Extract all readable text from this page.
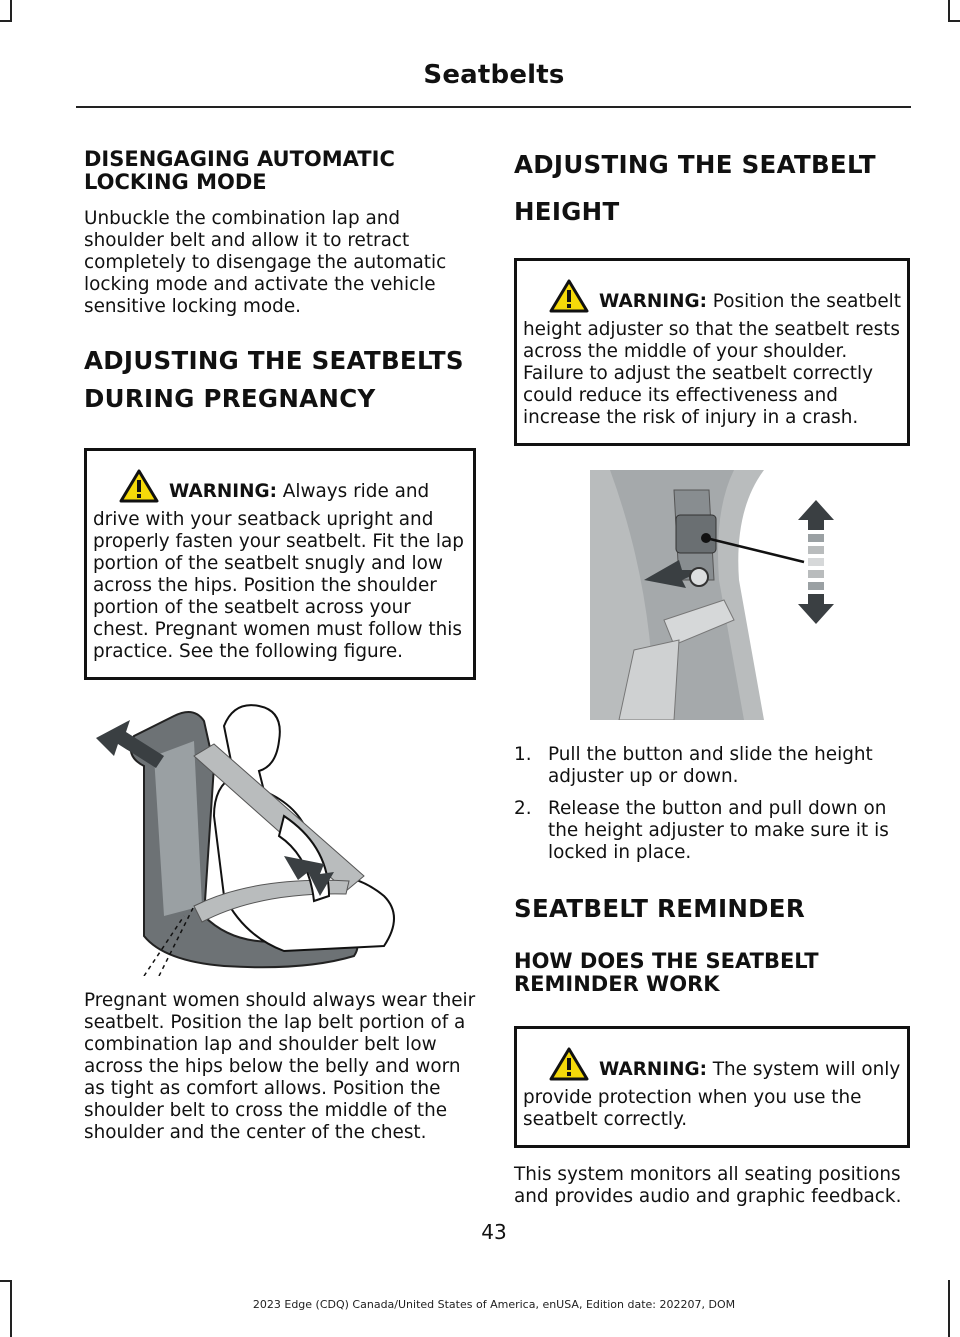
Seatbelts
DISENGAGING AUTOMATIC LOCKING MODE

Unbuckle the combination lap and shoulder belt and allow it to retract completely to disengage the automatic locking mode and activate the vehicle sensitive locking mode.

ADJUSTING THE SEATBELTS
DURING PREGNANCY
WARNING: Always ride and drive with your seatback upright and properly fasten your seatbelt. Fit the lap portion of the seatbelt snugly and low across the hips. Position the shoulder portion of the seatbelt across your chest. Pregnant women must follow this practice. See the following figure.

Pregnant women should always wear their seatbelt. Position the lap belt portion of a combination lap and shoulder belt low across the hips below the belly and worn as tight as comfort allows. Position the shoulder belt to cross the middle of the shoulder and the center of the chest.

ADJUSTING THE SEATBELT
HEIGHT
WARNING: Position the seatbelt height adjuster so that the seatbelt rests across the middle of your shoulder. Failure to adjust the seatbelt correctly could reduce its effectiveness and increase the risk of injury in a crash.
1. Pull the button and slide the height adjuster up or down.
2. Release the button and pull down on the height adjuster to make sure it is locked in place.
SEATBELT REMINDER
HOW DOES THE SEATBELT REMINDER WORK
WARNING: The system will only provide protection when you use the seatbelt correctly.

This system monitors all seating positions and provides audio and graphic feedback.

43
2023 Edge (CDQ) Canada/United States of America, enUSA, Edition date: 202207, DOM
